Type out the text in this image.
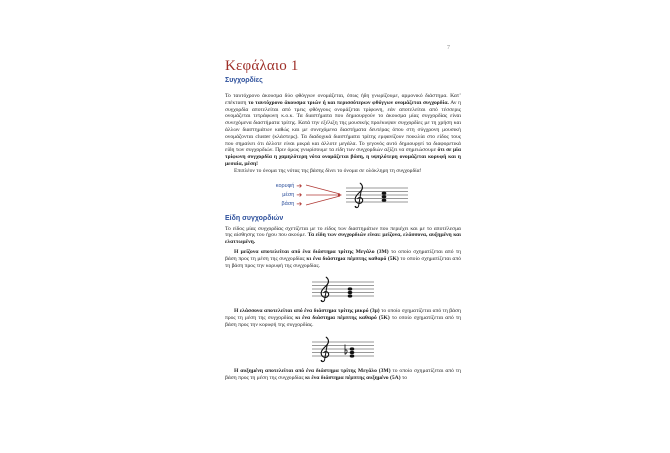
7
Κεφάλαιο 1
Συγχορδίες

Το ταυτόχρονο άκουσμα δύο φθόγγων ονομάζεται, όπως ήδη γνωρίζουμε, αρμονικό διάστημα. Κατ’ επέκταση το ταυτόχρονο άκουσμα τριών ή και περισσότερων φθόγγων ονομάζεται συγχορδία. Αν η συγχορδία αποτελείται από τρεις φθόγγους ονομάζεται τρίφωνη, εάν αποτελείται από τέσσερις ονομάζεται τετράφωνη κ.ο.κ. Τα διαστήματα που δημιουργούν το άκουσμα μίας συγχορδίας είναι συνεχόμενα διαστήματα τρίτης. Κατά την εξέλιξη της μουσικής προέκυψαν συγχορδίες με τη χρήση και άλλων διαστημάτων καθώς και με συνεχόμενα διαστήματα δευτέρας όπου στη σύγχρονη μουσική ονομάζονται cluster (κλάστερς). Τα διαδοχικά διαστήματα τρίτης εμφανίζουν ποικιλία στο είδος τους που σημαίνει ότι άλλοτε είναι μικρά και άλλοτε μεγάλα. Το γεγονός αυτό δημιουργεί τα διαφορετικά είδη των συγχορδιών. Πριν όμως γνωρίσουμε τα είδη των συγχορδιών αξίζει να σημειώσουμε ότι σε μία τρίφωνη συγχορδία η χαμηλότερη νότα ονομάζεται βάση, η υψηλότερη ονομάζεται κορυφή και η μεσαία, μέση!

Επιπλέον το όνομα της νότας της βάσης δίνει το όνομα σε ολόκληρη τη συγχορδία!

κορυφή ➔
μέση ➔
βάση ➔
Είδη συγχορδιών

Το είδος μίας συγχορδίας σχετίζεται με το είδος των διαστημάτων που περιέχει και με το αποτέλεσμα της αίσθησης του ήχου που ακούμε. Τα είδη των συγχορδιών είναι: μείζονα, ελάσσονα, αυξημένη και ελαττωμένη.

Η μείζονα αποτελείται από ένα διάστημα τρίτης Μεγάλο (3Μ) το οποίο σχηματίζεται από τη βάση προς τη μέση της συγχορδίας κι ένα διάστημα πέμπτης καθαρό (5Κ) το οποίο σχηματίζεται από τη βάση προς την κορυφή της συγχορδίας.

Η ελάσσονα αποτελείται από ένα διάστημα τρίτης μικρό (3μ) το οποίο σχηματίζεται από τη βάση προς τη μέση της συγχορδίας κι ένα διάστημα πέμπτης καθαρό (5Κ) το οποίο σχηματίζεται από τη βάση προς την κορυφή της συγχορδίας.

Η αυξημένη αποτελείται από ένα διάστημα τρίτης Μεγάλο (3Μ) το οποίο σχηματίζεται από τη βάση προς τη μέση της συγχορδίας κι ένα διάστημα πέμπτης αυξημένο (5Α) το
